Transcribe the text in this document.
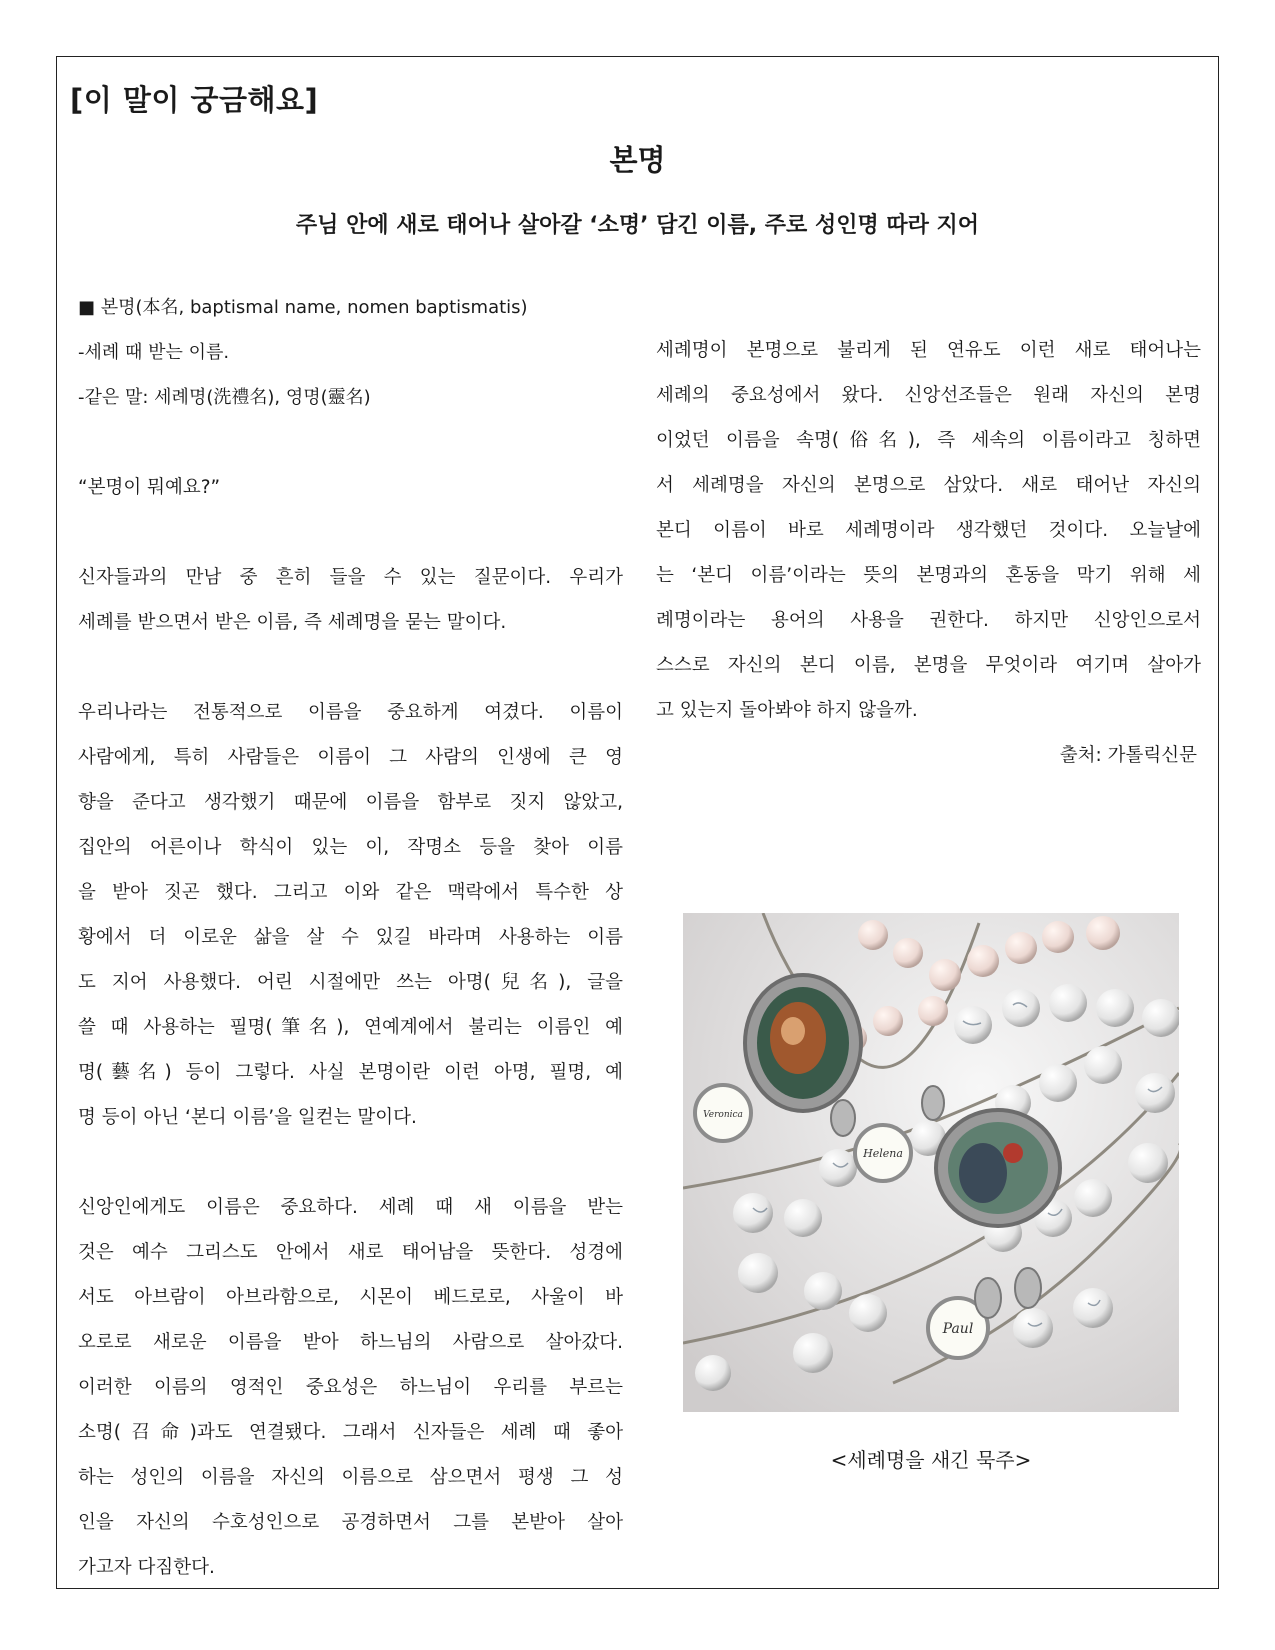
[이 말이 궁금해요]
본명
주님 안에 새로 태어나 살아갈 ‘소명’ 담긴 이름, 주로 성인명 따라 지어
■ 본명(本名, baptismal name, nomen baptismatis)
-세례 때 받는 이름.
-같은 말: 세례명(洗禮名), 영명(靈名)
“본명이 뭐예요?”
신자들과의 만남 중 흔히 들을 수 있는 질문이다. 우리가
세례를 받으면서 받은 이름, 즉 세례명을 묻는 말이다.
우리나라는 전통적으로 이름을 중요하게 여겼다. 이름이
사람에게, 특히 사람들은 이름이 그 사람의 인생에 큰 영
향을 준다고 생각했기 때문에 이름을 함부로 짓지 않았고,
집안의 어른이나 학식이 있는 이, 작명소 등을 찾아 이름
을 받아 짓곤 했다. 그리고 이와 같은 맥락에서 특수한 상
황에서 더 이로운 삶을 살 수 있길 바라며 사용하는 이름
도 지어 사용했다. 어린 시절에만 쓰는 아명(兒名), 글을
쓸 때 사용하는 필명(筆名), 연예계에서 불리는 이름인 예
명(藝名) 등이 그렇다. 사실 본명이란 이런 아명, 필명, 예
명 등이 아닌 ‘본디 이름’을 일컫는 말이다.
신앙인에게도 이름은 중요하다. 세례 때 새 이름을 받는
것은 예수 그리스도 안에서 새로 태어남을 뜻한다. 성경에
서도 아브람이 아브라함으로, 시몬이 베드로로, 사울이 바
오로로 새로운 이름을 받아 하느님의 사람으로 살아갔다.
이러한 이름의 영적인 중요성은 하느님이 우리를 부르는
소명(召命)과도 연결됐다. 그래서 신자들은 세례 때 좋아
하는 성인의 이름을 자신의 이름으로 삼으면서 평생 그 성
인을 자신의 수호성인으로 공경하면서 그를 본받아 살아
가고자 다짐한다.
세례명이 본명으로 불리게 된 연유도 이런 새로 태어나는
세례의 중요성에서 왔다. 신앙선조들은 원래 자신의 본명
이었던 이름을 속명(俗名), 즉 세속의 이름이라고 칭하면
서 세례명을 자신의 본명으로 삼았다. 새로 태어난 자신의
본디 이름이 바로 세례명이라 생각했던 것이다. 오늘날에
는 ‘본디 이름’이라는 뜻의 본명과의 혼동을 막기 위해 세
례명이라는 용어의 사용을 권한다. 하지만 신앙인으로서
스스로 자신의 본디 이름, 본명을 무엇이라 여기며 살아가
고 있는지 돌아봐야 하지 않을까.
출처: 가톨릭신문
Veronica
Helena
Paul
<세례명을 새긴 묵주>
